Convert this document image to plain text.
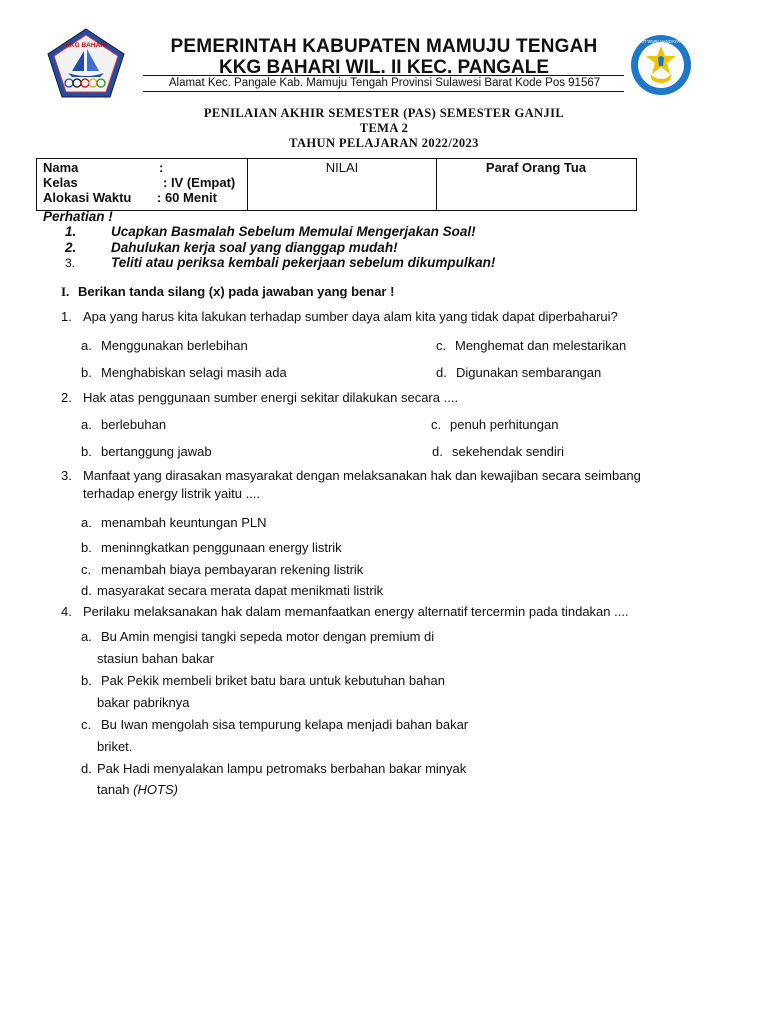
KKG BAHARI
TUT WURI HANDAYANI
PEMERINTAH KABUPATEN MAMUJU TENGAH
KKG BAHARI WIL. II KEC. PANGALE
Alamat Kec. Pangale Kab. Mamuju Tengah Provinsi Sulawesi Barat Kode Pos 91567
PENILAIAN AKHIR SEMESTER (PAS) SEMESTER GANJIL
TEMA 2
TAHUN PELAJARAN 2022/2023
Nama	:
Kelas	: IV (Empat)
Alokasi Waktu : 60 Menit
NILAI	Paraf Orang Tua
Perhatian !
1.	Ucapkan Basmalah Sebelum Memulai Mengerjakan Soal!
2.	Dahulukan kerja soal yang dianggap mudah!
3.	Teliti atau periksa kembali pekerjaan sebelum dikumpulkan!
I. Berikan tanda silang (x) pada jawaban yang benar !
1. Apa yang harus kita lakukan terhadap sumber daya alam kita yang tidak dapat diperbaharui?
a. Menggunakan berlebihan	c. Menghemat dan melestarikan
b. Menghabiskan selagi masih ada	d. Digunakan sembarangan
2. Hak atas penggunaan sumber energi sekitar dilakukan secara ....
a. berlebuhan	c. penuh perhitungan
b. bertanggung jawab	d. sekehendak sendiri
3. Manfaat yang dirasakan masyarakat dengan melaksanakan hak dan kewajiban secara seimbang
terhadap energy listrik yaitu ....
a. menambah keuntungan PLN
b. meninngkatkan penggunaan energy listrik
c. menambah biaya pembayaran rekening listrik
d. masyarakat secara merata dapat menikmati listrik
4. Perilaku melaksanakan hak dalam memanfaatkan energy alternatif tercermin pada tindakan ....
a. Bu Amin mengisi tangki sepeda motor dengan premium di
stasiun bahan bakar
b. Pak Pekik membeli briket batu bara untuk kebutuhan bahan
bakar pabriknya
c. Bu Iwan mengolah sisa tempurung kelapa menjadi bahan bakar
briket.
d. Pak Hadi menyalakan lampu petromaks berbahan bakar minyak
tanah (HOTS)
